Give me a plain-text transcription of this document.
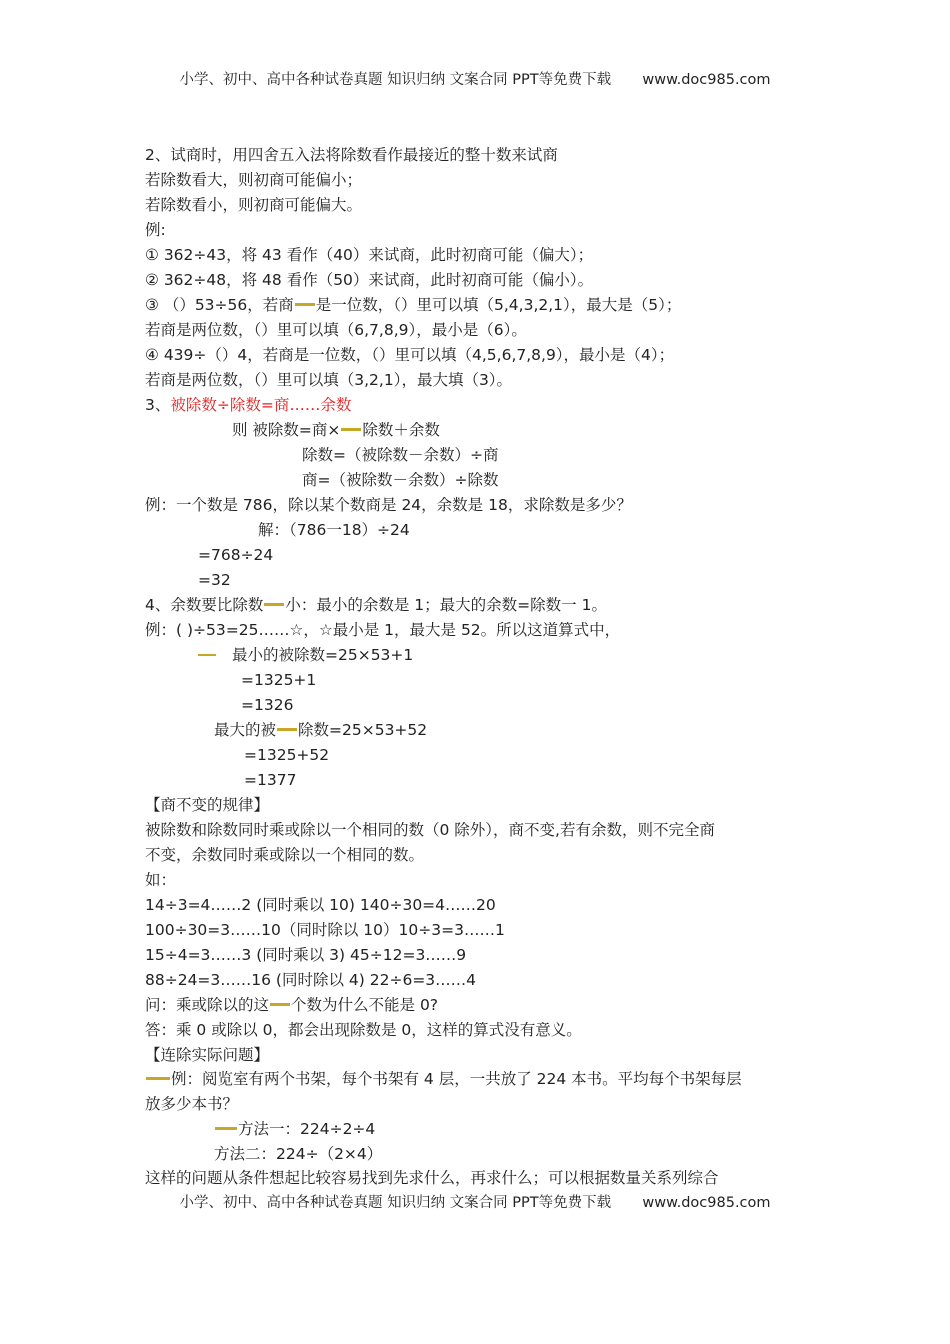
小学、初中、高中各种试卷真题 知识归纳 文案合同 PPT等免费下载 www.doc985.com
2、试商时，用四舍五入法将除数看作最接近的整十数来试商
若除数看大，则初商可能偏小；
若除数看小，则初商可能偏大。
例:
① 362÷43，将 43 看作（40）来试商，此时初商可能（偏大）；
② 362÷48，将 48 看作（50）来试商，此时初商可能（偏小）。
③ （）53÷56，若商 是一位数，（）里可以填（5,4,3,2,1），最大是（5）；
若商是两位数，（）里可以填（6,7,8,9），最小是（6）。
④ 439÷（）4，若商是一位数，（）里可以填（4,5,6,7,8,9），最小是（4）；
若商是两位数，（）里可以填（3,2,1），最大填（3）。
3、被除数÷除数=商……余数
则 被除数=商× 除数＋余数
除数=（被除数－余数）÷商
商=（被除数－余数）÷除数
例：一个数是 786，除以某个数商是 24，余数是 18，求除数是多少？
解：（786一18）÷24
=768÷24
=32
4、余数要比除数 小：最小的余数是 1；最大的余数=除数一 1。
例：( )÷53=25……☆，☆最小是 1，最大是 52。所以这道算式中，
最小的被除数=25×53+1
=1325+1
=1326
最大的被 除数=25×53+52
=1325+52
=1377
【商不变的规律】
被除数和除数同时乘或除以一个相同的数（0 除外），商不变,若有余数，则不完全商
不变，余数同时乘或除以一个相同的数。
如：
14÷3=4……2 (同时乘以 10) 140÷30=4……20
100÷30=3……10（同时除以 10）10÷3=3……1
15÷4=3……3 (同时乘以 3) 45÷12=3……9 ·
88÷24=3……16 (同时除以 4) 22÷6=3……4
问：乘或除以的这 个数为什么不能是 0?
答：乘 0 或除以 0，都会出现除数是 0，这样的算式没有意义。
【连除实际问题】
例：阅览室有两个书架，每个书架有 4 层，一共放了 224 本书。平均每个书架每层
放多少本书？
方法一：224÷2÷4
方法二：224÷（2×4）
这样的问题从条件想起比较容易找到先求什么，再求什么；可以根据数量关系列综合
小学、初中、高中各种试卷真题 知识归纳 文案合同 PPT等免费下载 www.doc985.com
